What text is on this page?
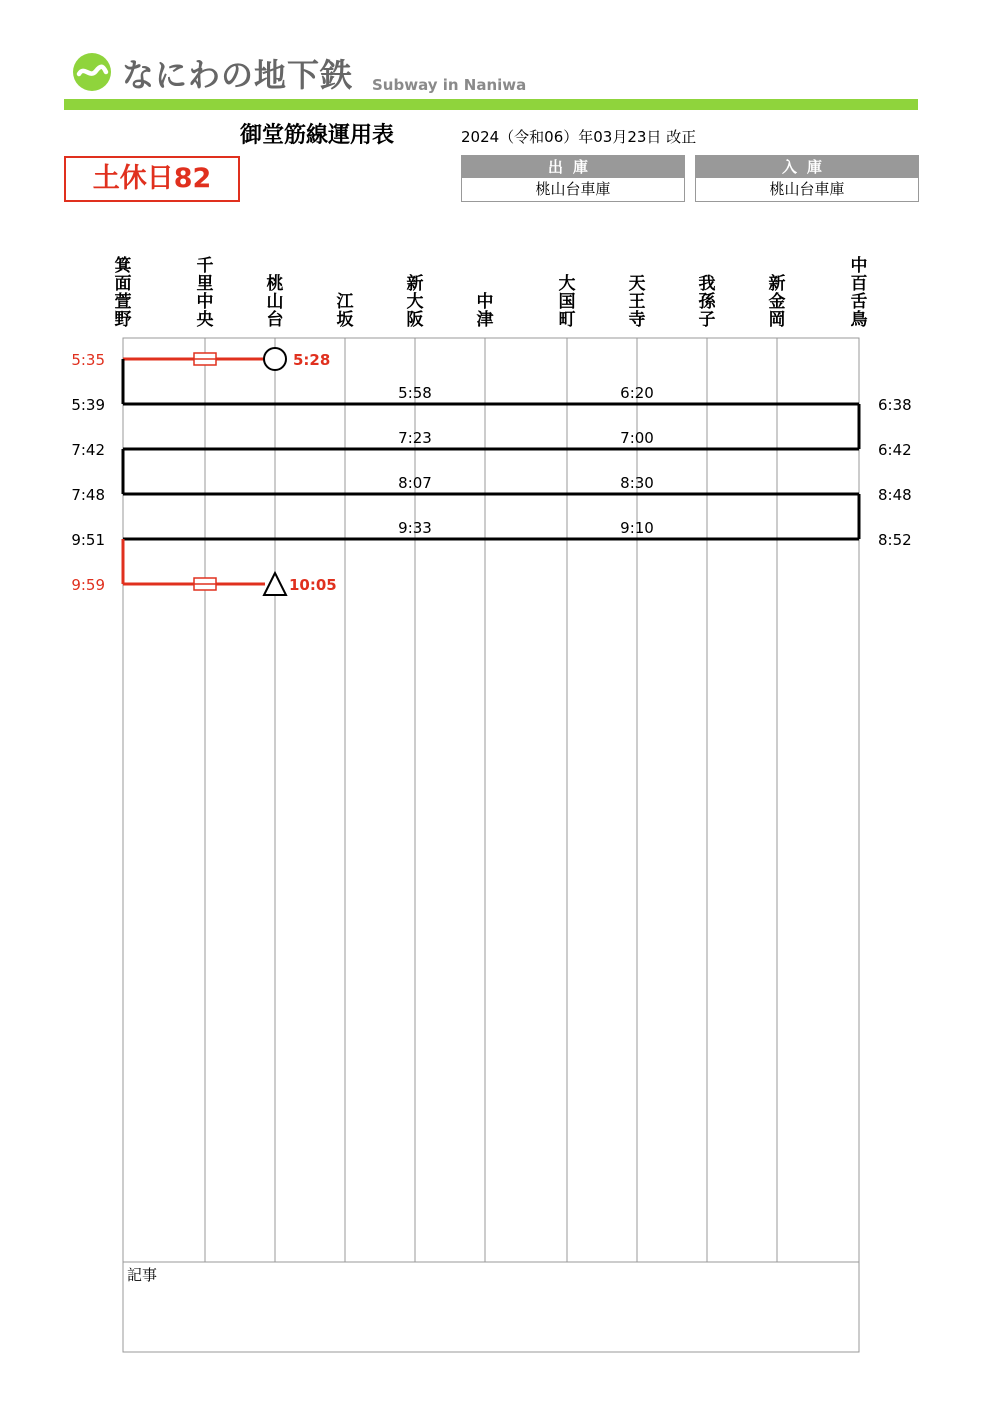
なにわの地下鉄 Subway in Naniwa
御堂筋線運用表	2024（令和06）年03月23日 改正
土休日82	出庫
桃山台車庫
入庫
桃山台車庫
箕面萱野
千里中央
桃山台
江坂
新大阪
中津
大国町
天王寺
我孫子
新金岡
中百舌鳥
5:28
5:35
5:39	6:38
5:58	6:20
7:42	6:42
7:23	7:00
7:48	8:48
8:07	8:30
9:51	8:52
9:33	9:10
9:59	10:05
記事
